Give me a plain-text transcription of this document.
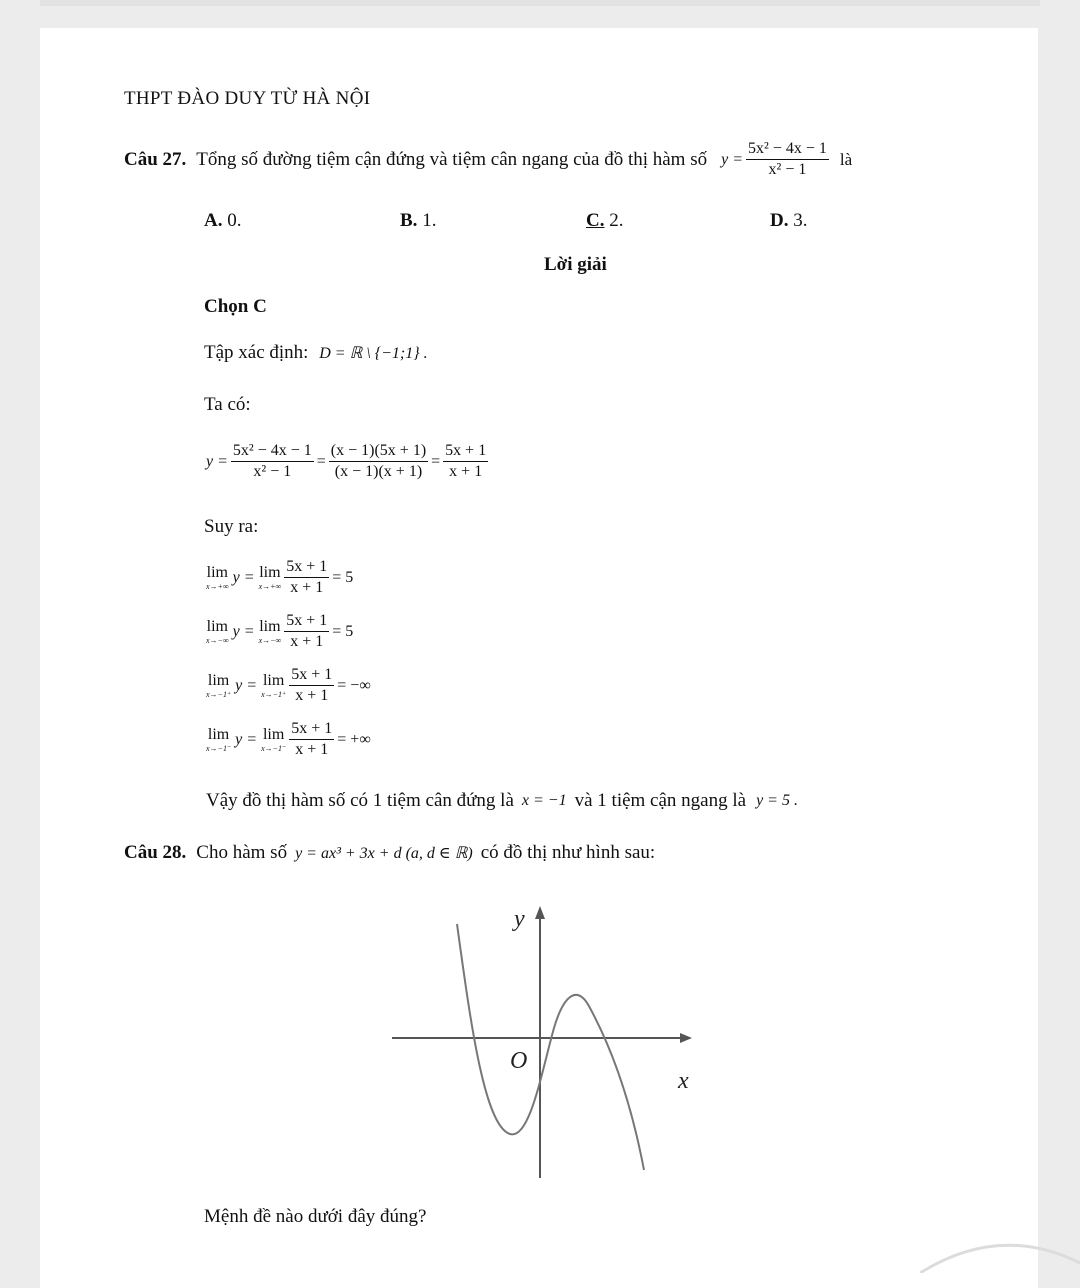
THPT ĐÀO DUY TỪ HÀ NỘI
Câu 27. Tổng số đường tiệm cận đứng và tiệm cân ngang của đồ thị hàm số $y = \frac{\text{5x² − 4x − 1}}{\text{x² − 1}}$ là
A. 0.	B. 1.	C. 2.	D. 3.
Lời giải
Chọn C
Tập xác định: D = ℝ \ {−1;1} .
Ta có:
$y = \frac{\text{5x² − 4x − 1}}{\text{x² − 1}} = \frac{(x - 1)(5x + 1)}{(x - 1)(x + 1)} = \frac{5x + 1}{x + 1}$
Suy ra:
lim
x→+∞
y = lim
$x\to+\infty \frac{5x + 1}{x + 1} = 5$
lim
x→−∞
y = lim
$x\to-\infty \frac{5x + 1}{x + 1} = 5$
lim
x→−1⁺
y = lim
$x\to-1^+ \frac{5x + 1}{x + 1}$ = −∞
lim
x→−1⁻
y = lim
$x\to-1^- \frac{5x + 1}{x + 1}$ = +∞
Vậy đồ thị hàm số có 1 tiệm cân đứng là x = −1 và 1 tiệm cận ngang là y = 5 .
Câu 28. Cho hàm số y = ax³ + 3x + d (a, d ∈ ℝ) có đồ thị như hình sau:
y
x
O
Mệnh đề nào dưới đây đúng?
